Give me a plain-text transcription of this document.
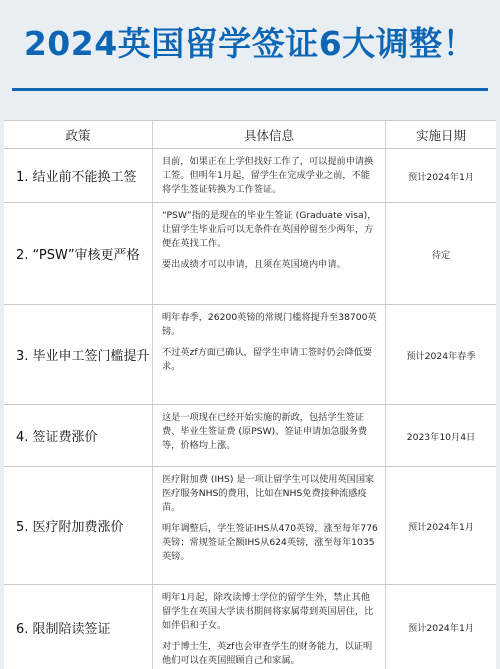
2024英国留学签证6大调整！
政策	具体信息	实施日期
1. 结业前不能换工签

目前，如果正在上学但找好工作了，可以提前申请换工签。但明年1月起，留学生在完成学业之前，不能将学生签证转换为工作签证。

预计2024年1月
2. “PSW”审核更严格

“PSW”指的是现在的毕业生签证 (Graduate visa)，让留学生毕业后可以无条件在英国停留至少两年，方便在英找工作。

要出成绩才可以申请，且须在英国境内申请。

待定
3. 毕业申工签门槛提升

明年春季，26200英镑的常规门槛将提升至38700英镑。

不过英zf方面已确认，留学生申请工签时仍会降低要求。

预计2024年春季
4. 签证费涨价

这是一项现在已经开始实施的新政，包括学生签证费、毕业生签证费 (原PSW)、签证申请加急服务费等，价格均上涨。

2023年10月4日
5. 医疗附加费涨价

医疗附加费 (IHS) 是一项让留学生可以使用英国国家医疗服务NHS的费用，比如在NHS免费接种流感疫苗。

明年调整后，学生签证IHS从470英镑，涨至每年776英镑；常规签证全额IHS从624英镑，涨至每年1035英镑。

预计2024年1月
6. 限制陪读签证

明年1月起，除攻读博士学位的留学生外，禁止其他留学生在英国大学读书期间将家属带到英国居住，比如伴侣和子女。

对于博士生，英zf也会审查学生的财务能力，以证明他们可以在英国照顾自己和家属。

预计2024年1月
